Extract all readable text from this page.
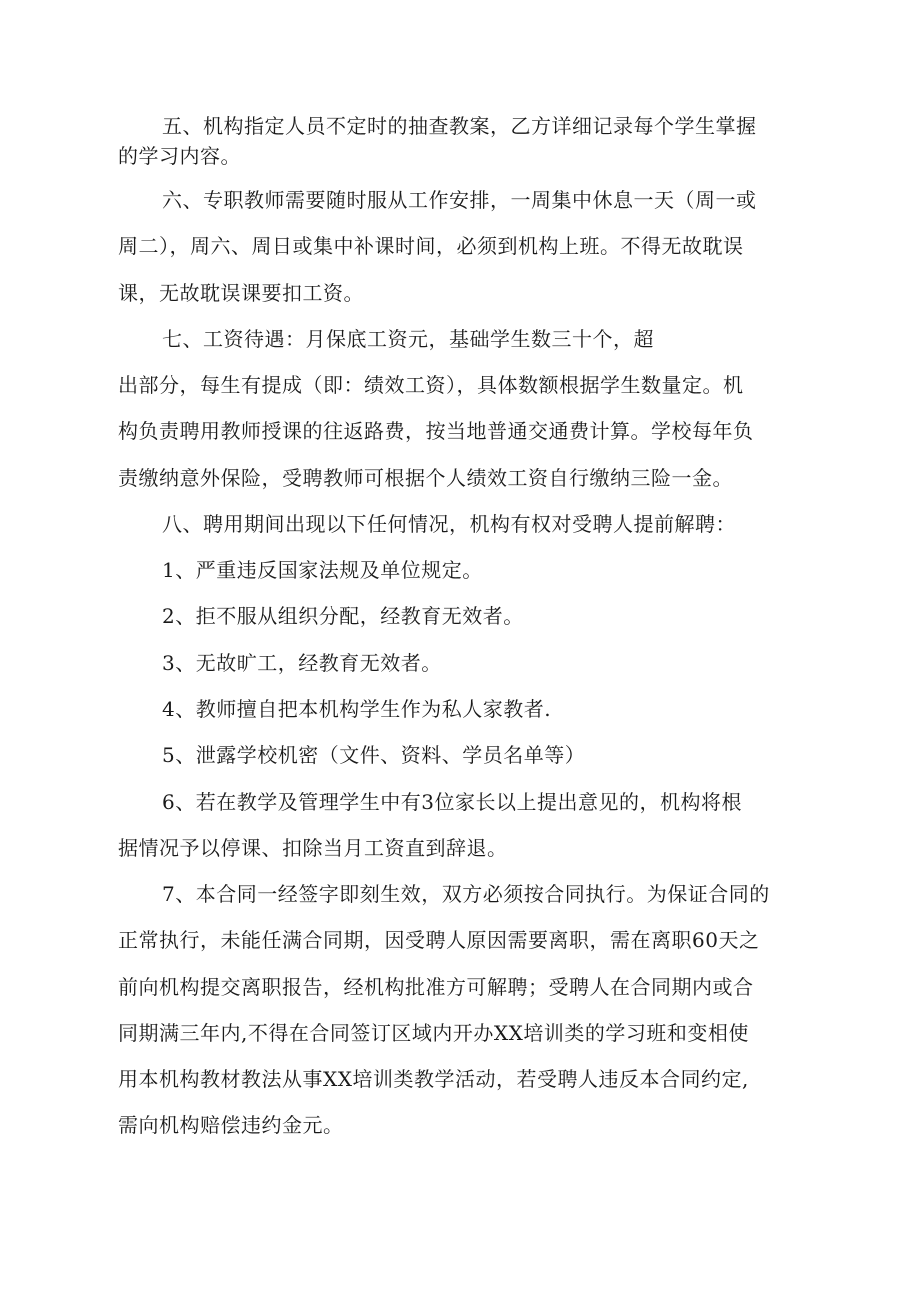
五、机构指定人员不定时的抽查教案，乙方详细记录每个学生掌握

的学习内容。

六、专职教师需要随时服从工作安排，一周集中休息一天（周一或

周二），周六、周日或集中补课时间，必须到机构上班。不得无故耽误

课，无故耽误课要扣工资。

七、工资待遇：月保底工资元，基础学生数三十个，超

出部分，每生有提成（即：绩效工资），具体数额根据学生数量定。机

构负责聘用教师授课的往返路费，按当地普通交通费计算。学校每年负

责缴纳意外保险，受聘教师可根据个人绩效工资自行缴纳三险一金。

八、聘用期间出现以下任何情况，机构有权对受聘人提前解聘：

1、严重违反国家法规及单位规定。

2、拒不服从组织分配，经教育无效者。

3、无故旷工，经教育无效者。

4、教师擅自把本机构学生作为私人家教者.

5、泄露学校机密（文件、资料、学员名单等）

6、若在教学及管理学生中有3位家长以上提出意见的，机构将根

据情况予以停课、扣除当月工资直到辞退。

7、本合同一经签字即刻生效，双方必须按合同执行。为保证合同的

正常执行，未能任满合同期，因受聘人原因需要离职，需在离职60天之

前向机构提交离职报告，经机构批准方可解聘；受聘人在合同期内或合

同期满三年内,不得在合同签订区域内开办XX培训类的学习班和变相使

用本机构教材教法从事XX培训类教学活动，若受聘人违反本合同约定,

需向机构赔偿违约金元。
